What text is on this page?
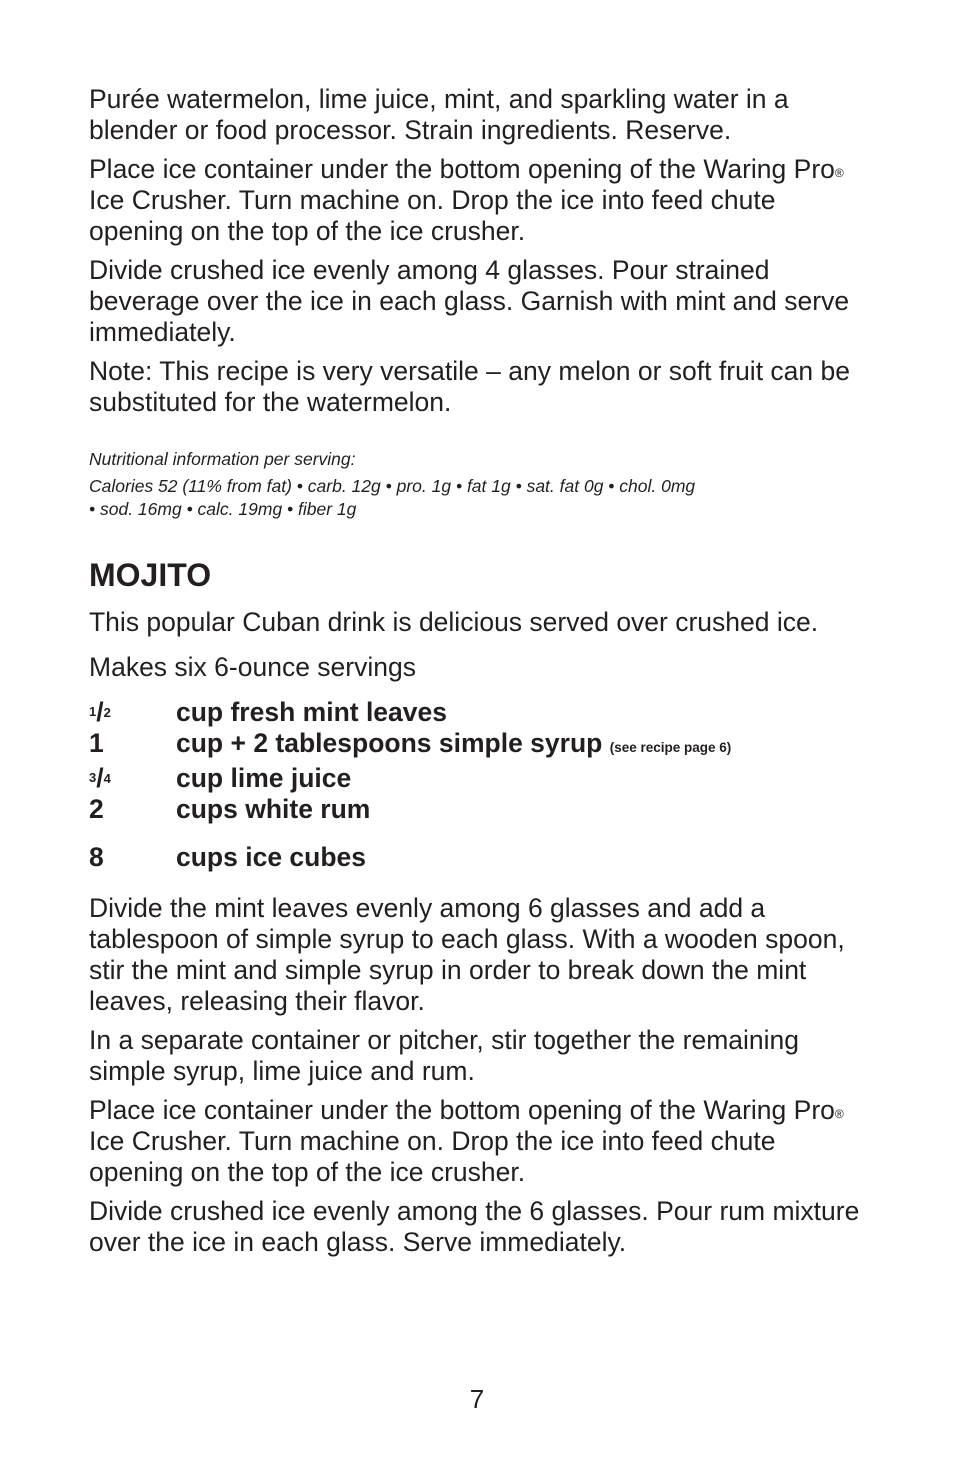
Purée watermelon, lime juice, mint, and sparkling water in a blender or food processor. Strain ingredients. Reserve.

Place ice container under the bottom opening of the Waring Pro® Ice Crusher. Turn machine on. Drop the ice into feed chute opening on the top of the ice crusher.

Divide crushed ice evenly among 4 glasses. Pour strained beverage over the ice in each glass. Garnish with mint and serve immediately.

Note: This recipe is very versatile – any melon or soft fruit can be substituted for the watermelon.

Nutritional information per serving:
Calories 52 (11% from fat) • carb. 12g • pro. 1g • fat 1g • sat. fat 0g • chol. 0mg
• sod. 16mg • calc. 19mg • fiber 1g
MOJITO

This popular Cuban drink is delicious served over crushed ice.

Makes six 6-ounce servings

$^1$/2	cup fresh mint leaves
1	cup + 2 tablespoons simple syrup (see recipe page 6)
$^3$/4	cup lime juice
2	cups white rum
8	cups ice cubes

Divide the mint leaves evenly among 6 glasses and add a tablespoon of simple syrup to each glass. With a wooden spoon, stir the mint and simple syrup in order to break down the mint leaves, releasing their flavor.

In a separate container or pitcher, stir together the remaining simple syrup, lime juice and rum.

Place ice container under the bottom opening of the Waring Pro® Ice Crusher. Turn machine on. Drop the ice into feed chute opening on the top of the ice crusher.

Divide crushed ice evenly among the 6 glasses. Pour rum mixture over the ice in each glass. Serve immediately.

7
